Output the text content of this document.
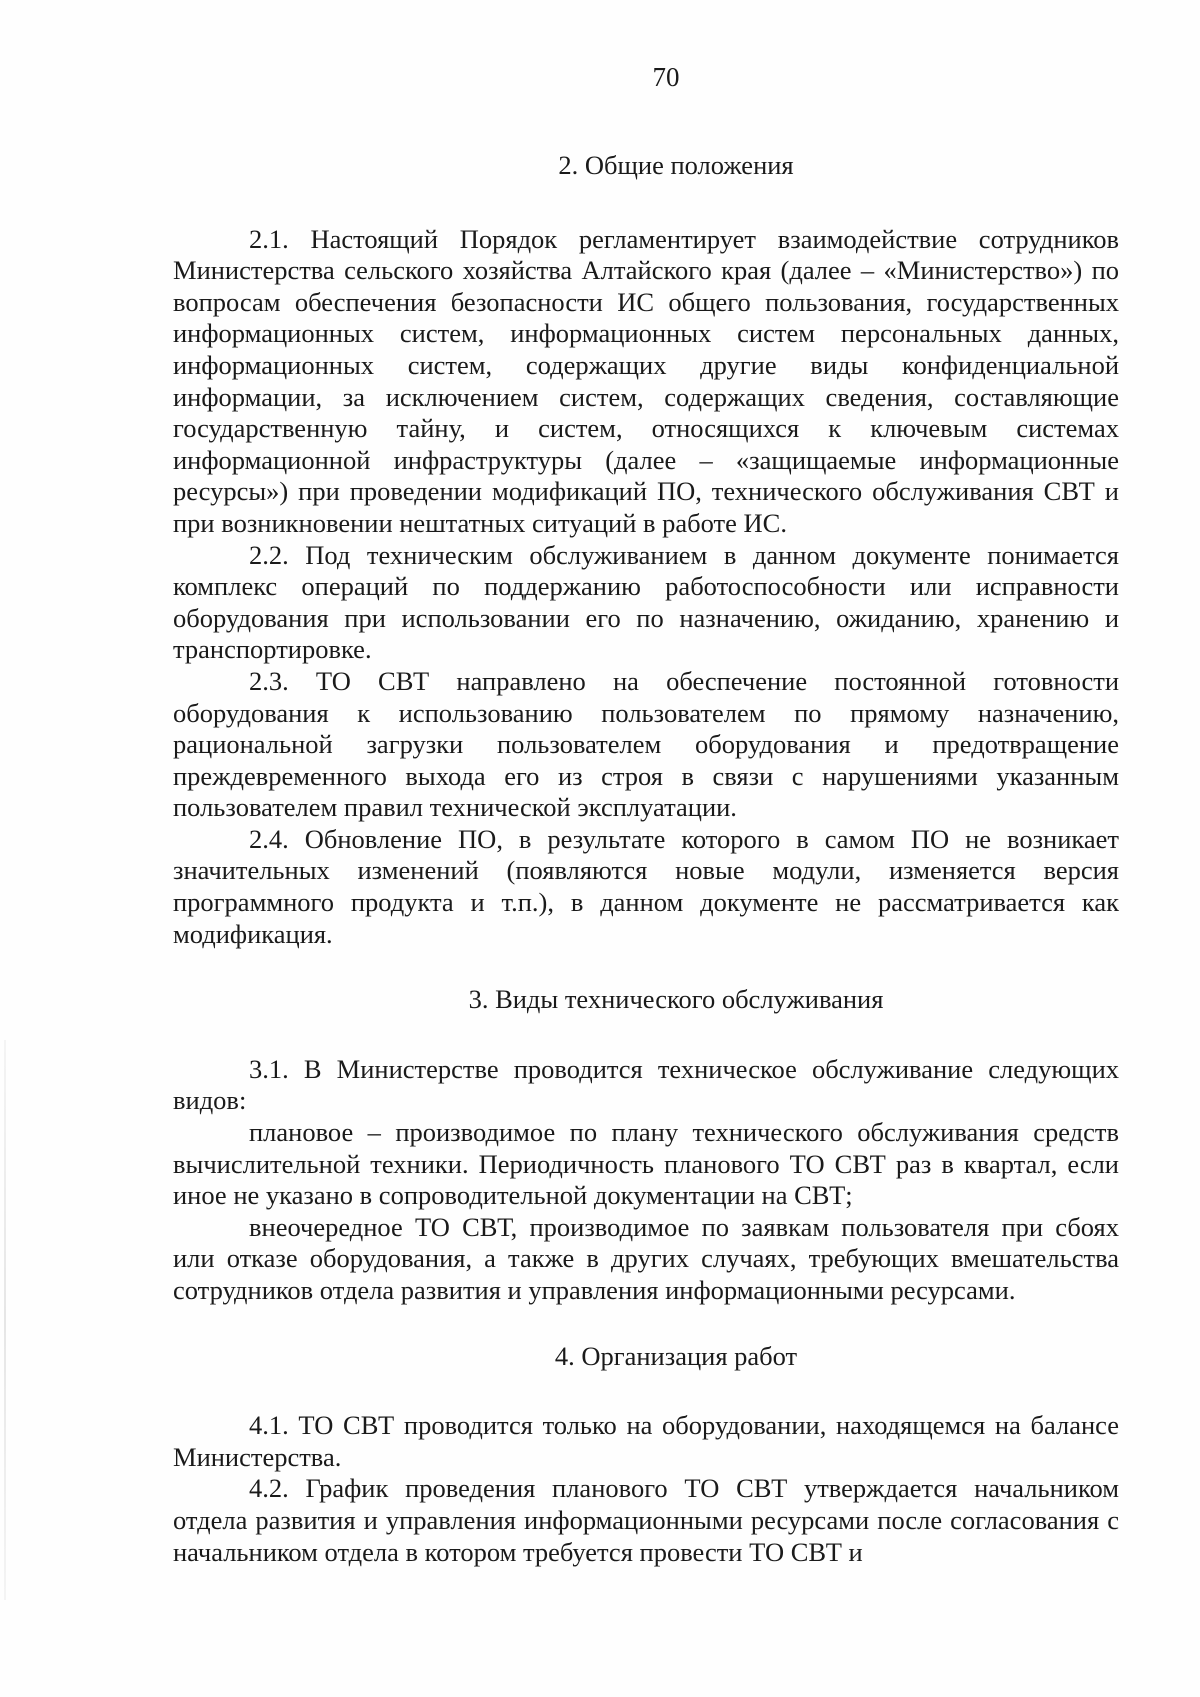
70
2. Общие положения

2.1. Настоящий Порядок регламентирует взаимодействие сотрудников Министерства сельского хозяйства Алтайского края (далее – «Министерство») по вопросам обеспечения безопасности ИС общего пользования, государственных информационных систем, информационных систем персональных данных, информационных систем, содержащих другие виды конфиденциальной информации, за исключением систем, содержащих сведения, составляющие государственную тайну, и систем, относящихся к ключевым системах информационной инфраструктуры (далее – «защищаемые информационные ресурсы») при проведении модификаций ПО, технического обслуживания СВТ и при возникновении нештатных ситуаций в работе ИС.

2.2. Под техническим обслуживанием в данном документе понимается комплекс операций по поддержанию работоспособности или исправности оборудования при использовании его по назначению, ожиданию, хранению и транспортировке.

2.3. ТО СВТ направлено на обеспечение постоянной готовности оборудования к использованию пользователем по прямому назначению, рациональной загрузки пользователем оборудования и предотвращение преждевременного выхода его из строя в связи с нарушениями указанным пользователем правил технической эксплуатации.

2.4. Обновление ПО, в результате которого в самом ПО не возникает значительных изменений (появляются новые модули, изменяется версия программного продукта и т.п.), в данном документе не рассматривается как модификация.

3. Виды технического обслуживания

3.1. В Министерстве проводится техническое обслуживание следующих видов:

плановое – производимое по плану технического обслуживания средств вычислительной техники. Периодичность планового ТО СВТ раз в квартал, если иное не указано в сопроводительной документации на СВТ;

внеочередное ТО СВТ, производимое по заявкам пользователя при сбоях или отказе оборудования, а также в других случаях, требующих вмешательства сотрудников отдела развития и управления информационными ресурсами.

4. Организация работ

4.1. ТО СВТ проводится только на оборудовании, находящемся на балансе Министерства.

4.2. График проведения планового ТО СВТ утверждается начальником отдела развития и управления информационными ресурсами после согласования с начальником отдела в котором требуется провести ТО СВТ и
